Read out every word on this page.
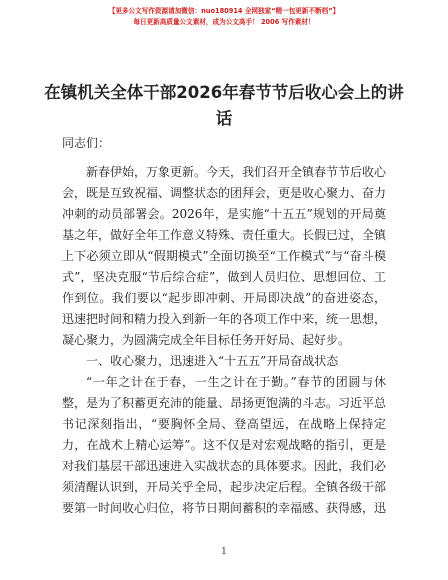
【更多公文写作资源请加微信：nuo180914 全网独家“精一包更新不断档”】
每日更新高质量公文素材，成为公文高手！ 2006 写作素材！
在镇机关全体干部2026年春节节后收心会上的讲话

同志们：

新春伊始，万象更新。今天，我们召开全镇春节节后收心会，既是互致祝福、调整状态的团拜会，更是收心聚力、奋力冲刺的动员部署会。2026年，是实施“十五五”规划的开局奠基之年，做好全年工作意义特殊、责任重大。长假已过，全镇上下必须立即从“假期模式”全面切换至“工作模式”与“奋斗模式”，坚决克服“节后综合症”，做到人员归位、思想回位、工作到位。我们要以“起步即冲刺、开局即决战”的奋进姿态，迅速把时间和精力投入到新一年的各项工作中来，统一思想，凝心聚力，为圆满完成全年目标任务开好局、起好步。

一、收心聚力，迅速进入“十五五”开局奋战状态

“一年之计在于春，一生之计在于勤。”春节的团圆与休整，是为了积蓄更充沛的能量、昂扬更饱满的斗志。习近平总书记深刻指出，“要胸怀全局、登高望远，在战略上保持定力，在战术上精心运筹”。这不仅是对宏观战略的指引，更是对我们基层干部迅速进入实战状态的具体要求。因此，我们必须清醒认识到，开局关乎全局，起步决定后程。全镇各级干部要第一时间收心归位，将节日期间蓄积的幸福感、获得感，迅

1
